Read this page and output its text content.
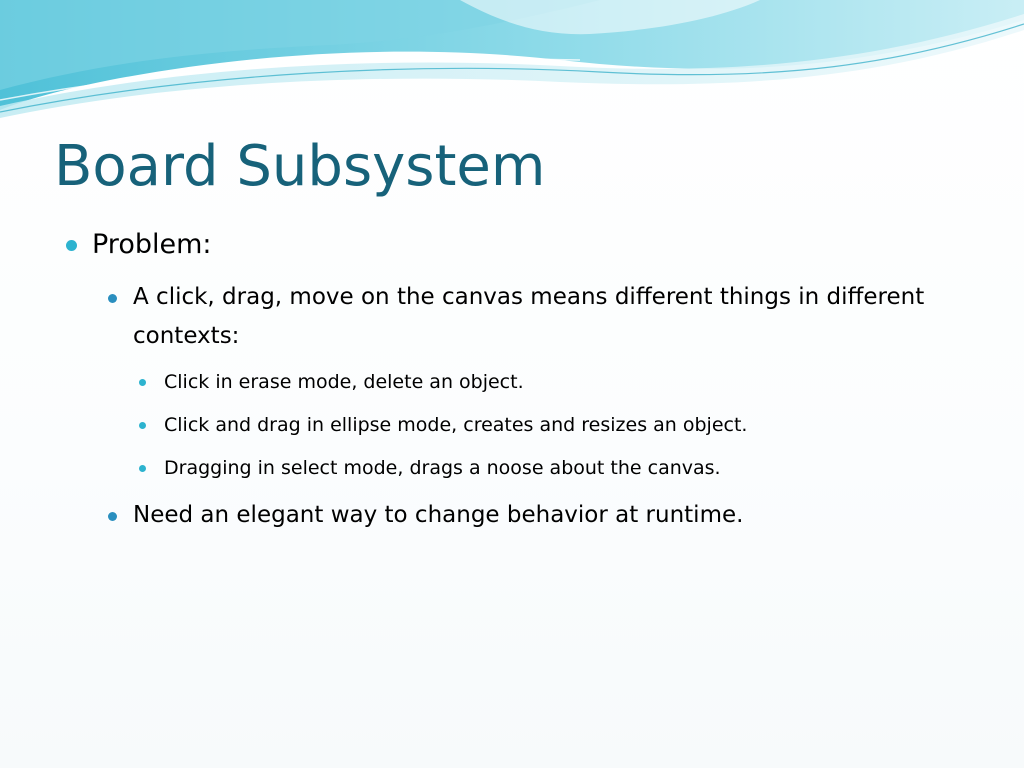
Board Subsystem
Problem:
A click, drag, move on the canvas means different things in different contexts:
Click in erase mode, delete an object.
Click and drag in ellipse mode, creates and resizes an object.
Dragging in select mode, drags a noose about the canvas.
Need an elegant way to change behavior at runtime.
